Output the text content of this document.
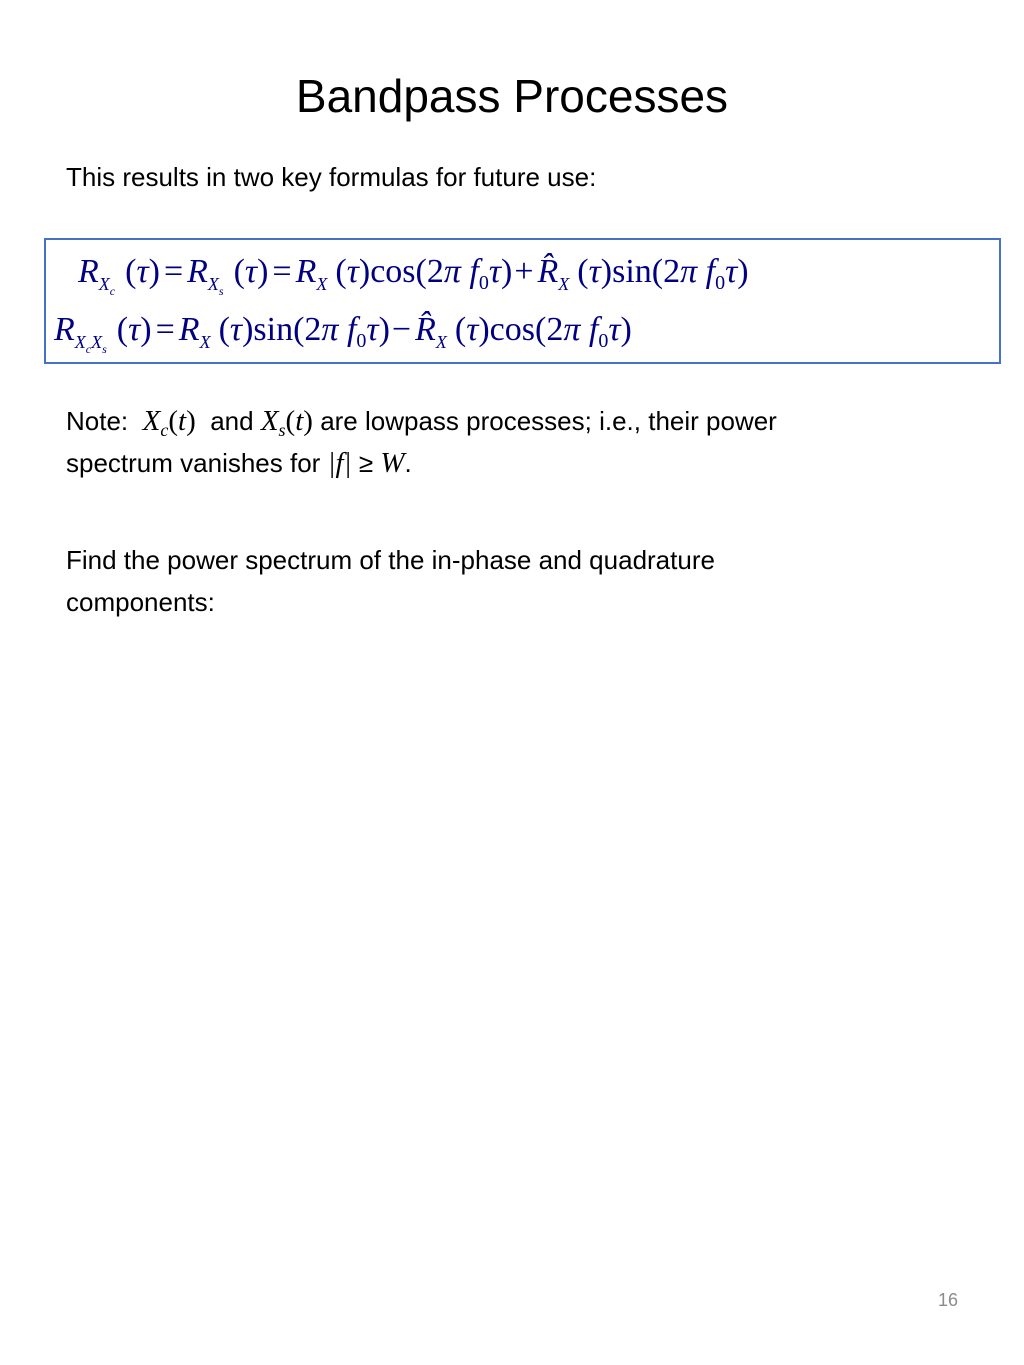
Bandpass Processes
This results in two key formulas for future use:
$R_Xc(\tau) = R_Xs(\tau) = R_X$ (τ)cos(2π $f_0\tau)+$ $R̂_X$ (τ)sin(2π $f_0\tau$)
$R_XcXs(\tau) = R_X$ (τ)sin(2π $f_0\tau)-$ $R̂_X$ (τ)cos(2π $f_0\tau$)
Note: $X_c(t)$ and $X_s(t)$ are lowpass processes; i.e., their power
spectrum vanishes for |f| ≥ W.
Find the power spectrum of the in-phase and quadrature
components:
16
